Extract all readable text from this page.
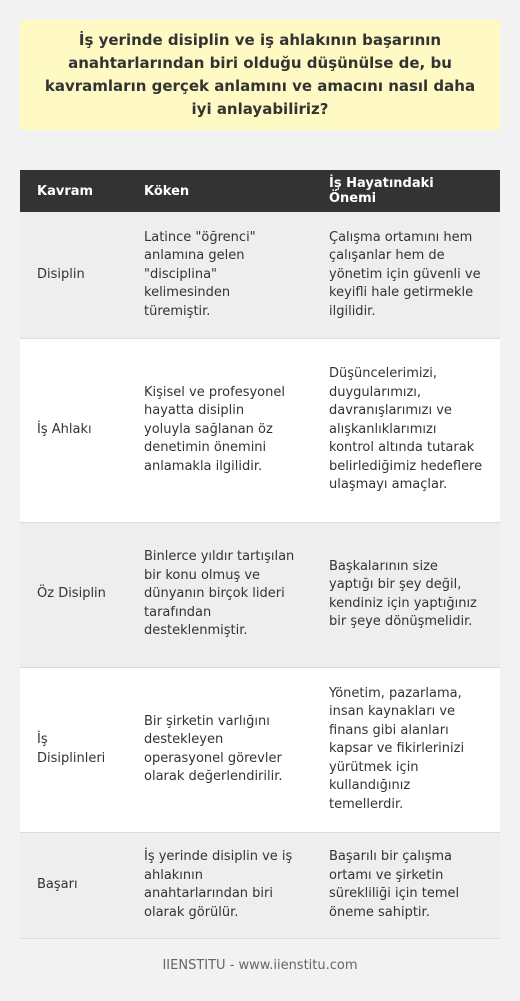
İş yerinde disiplin ve iş ahlakının başarının anahtarlarından biri olduğu düşünülse de, bu kavramların gerçek anlamını ve amacını nasıl daha iyi anlayabiliriz?

Kavram	Köken	İş Hayatındaki Önemi
Disiplin	Latince "öğrenci" anlamına gelen "disciplina" kelimesinden türemiştir.	Çalışma ortamını hem çalışanlar hem de yönetim için güvenli ve keyifli hale getirmekle ilgilidir.
İş Ahlakı	Kişisel ve profesyonel hayatta disiplin yoluyla sağlanan öz denetimin önemini anlamakla ilgilidir.	Düşüncelerimizi, duygularımızı, davranışlarımızı ve alışkanlıklarımızı kontrol altında tutarak belirlediğimiz hedeflere ulaşmayı amaçlar.
Öz Disiplin	Binlerce yıldır tartışılan bir konu olmuş ve dünyanın birçok lideri tarafından desteklenmiştir.	Başkalarının size yaptığı bir şey değil, kendiniz için yaptığınız bir şeye dönüşmelidir.
İş Disiplinleri	Bir şirketin varlığını destekleyen operasyonel görevler olarak değerlendirilir.	Yönetim, pazarlama, insan kaynakları ve finans gibi alanları kapsar ve fikirlerinizi yürütmek için kullandığınız temellerdir.
Başarı	İş yerinde disiplin ve iş ahlakının anahtarlarından biri olarak görülür.	Başarılı bir çalışma ortamı ve şirketin sürekliliği için temel öneme sahiptir.
IIENSTITU - www.iienstitu.com
